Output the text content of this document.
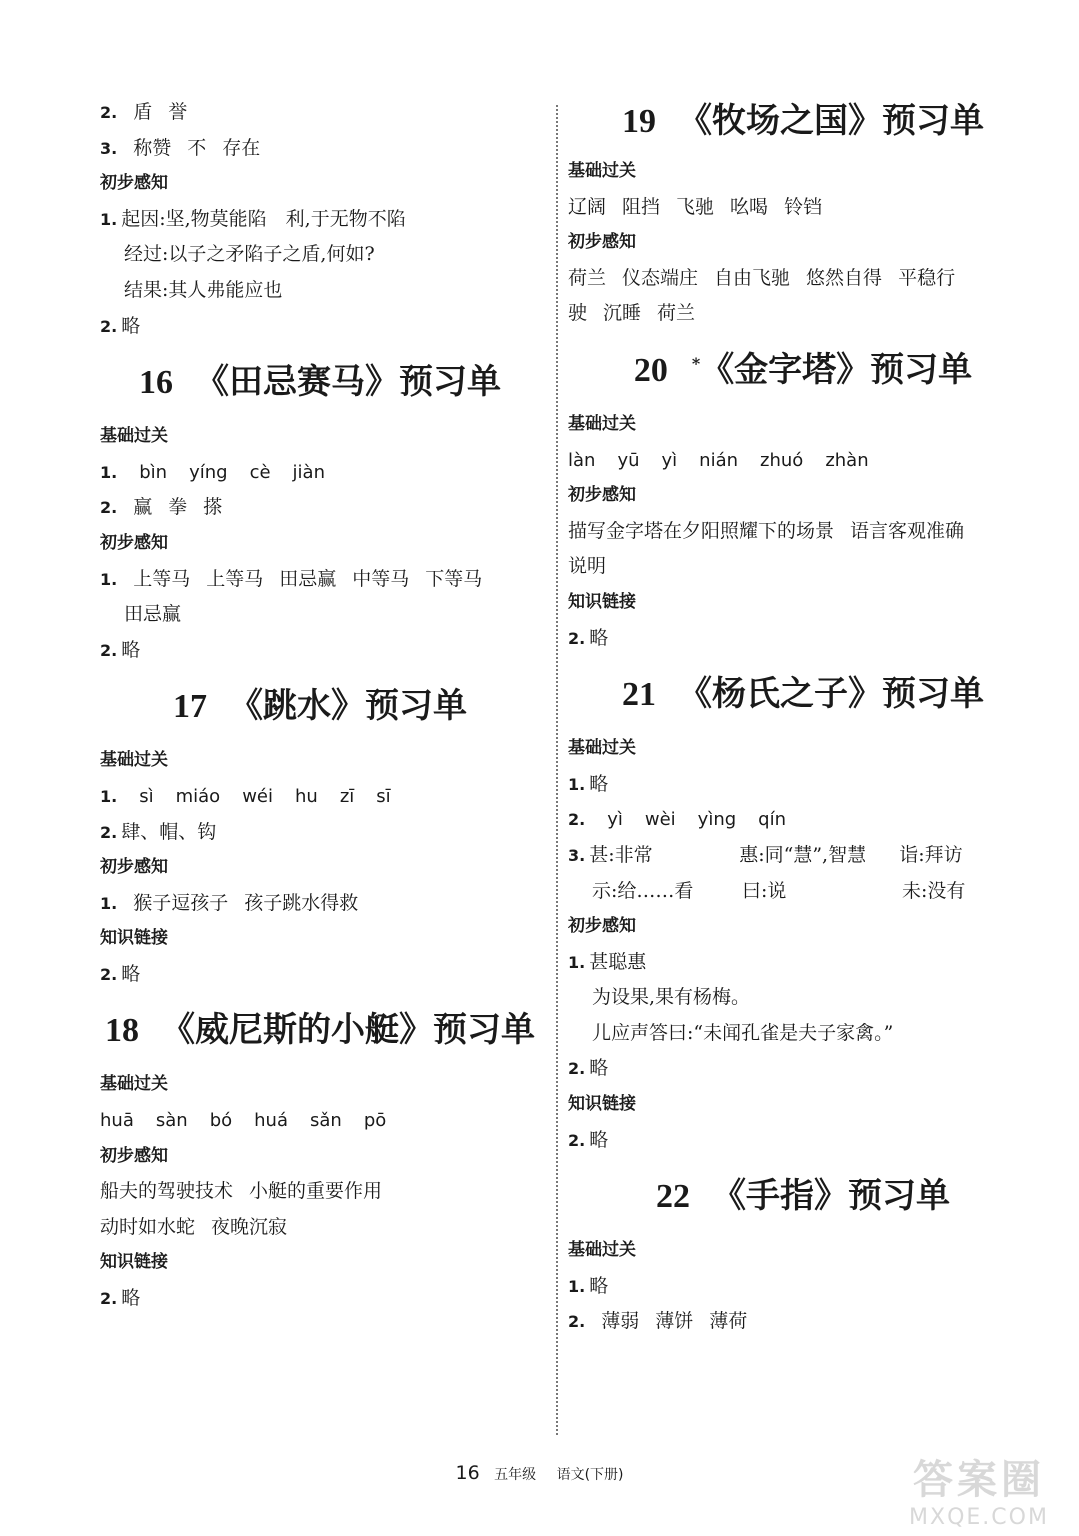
2. 盾 誉
3. 称赞 不 存在
初步感知
1. 起因:坚,物莫能陷　利,于无物不陷
经过:以子之矛陷子之盾,何如?
结果:其人弗能应也
2. 略
16 《田忌赛马》预习单
基础过关
1. bìn yíng cè jiàn
2. 赢 拳 搽
初步感知
1. 上等马 上等马 田忌赢 中等马 下等马
田忌赢
2. 略
17 《跳水》预习单
基础过关
1. sì miáo wéi hu zī sī
2. 肆、帽、钩
初步感知
1. 猴子逗孩子 孩子跳水得救
知识链接
2. 略
18 《威尼斯的小艇》预习单
基础过关
huā sàn bó huá sǎn pō
初步感知
船夫的驾驶技术 小艇的重要作用
动时如水蛇 夜晚沉寂
知识链接
2. 略
19 《牧场之国》预习单
基础过关
辽阔 阻挡 飞驰 吆喝 铃铛
初步感知
荷兰 仪态端庄 自由飞驰 悠然自得 平稳行
驶 沉睡 荷兰
20 *《金字塔》预习单
基础过关
làn yū yì nián zhuó zhàn
初步感知
描写金字塔在夕阳照耀下的场景 语言客观准确
说明
知识链接
2. 略
21 《杨氏之子》预习单
基础过关
1. 略
2. yì wèi yìng qín
3. 甚:非常	惠:同“慧”,智慧 诣:拜访
示:给……看	曰:说	未:没有
初步感知
1. 甚聪惠
为设果,果有杨梅。
儿应声答曰:“未闻孔雀是夫子家禽。”
2. 略
知识链接
2. 略
22 《手指》预习单
基础过关
1. 略
2. 薄弱 薄饼 薄荷
16 五年级 语文(下册)	答案圈
MXQE.COM
